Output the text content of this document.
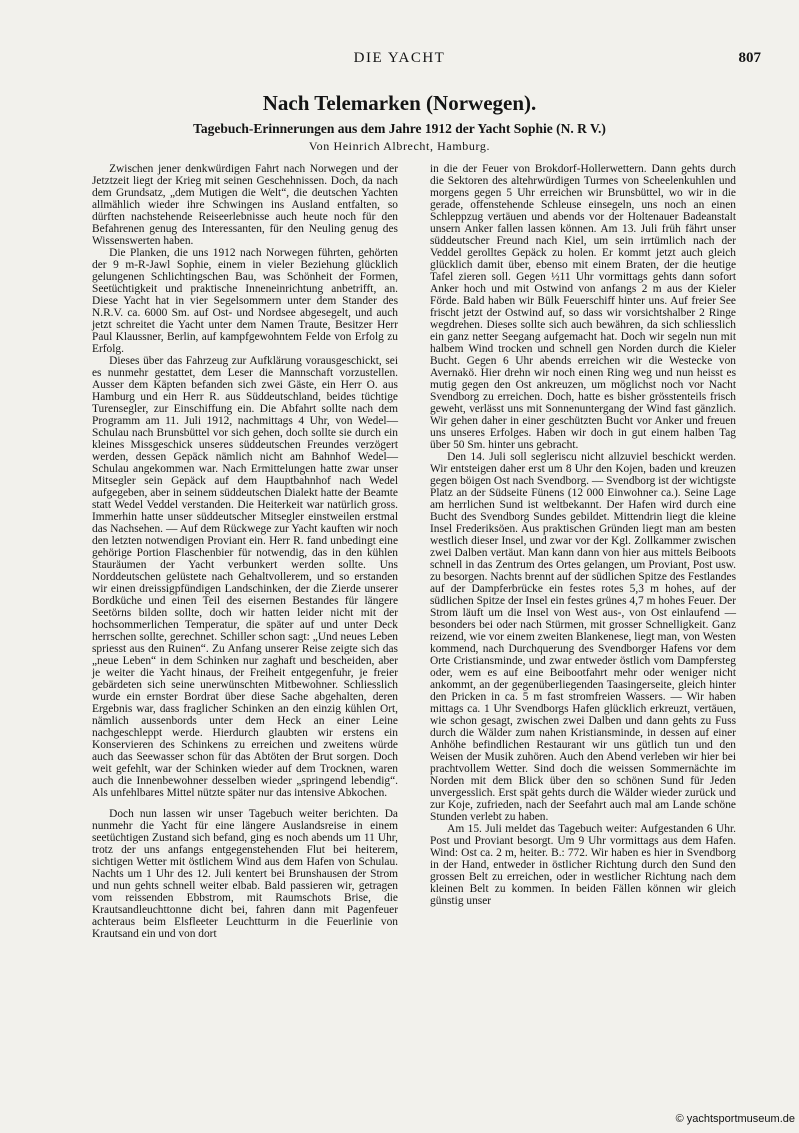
DIE YACHT	807
Nach Telemarken (Norwegen).
Tagebuch-Erinnerungen aus dem Jahre 1912 der Yacht Sophie (N. R V.)
Von Heinrich Albrecht, Hamburg.

Zwischen jener denkwürdigen Fahrt nach Norwegen und der Jetztzeit liegt der Krieg mit seinen Geschehnissen. Doch, da nach dem Grundsatz, „dem Mutigen die Welt“, die deutschen Yachten allmählich wieder ihre Schwingen ins Ausland entfalten, so dürften nachstehende Reiseerlebnisse auch heute noch für den Befahrenen genug des Interessanten, für den Neuling genug des Wissenswerten haben.

Die Planken, die uns 1912 nach Norwegen führten, gehörten der 9 m-R-Jawl Sophie, einem in vieler Beziehung glücklich gelungenen Schlichtingschen Bau, was Schönheit der Formen, Seetüchtigkeit und praktische Inneneinrichtung anbetrifft, an. Diese Yacht hat in vier Segelsommern unter dem Stander des N.R.V. ca. 6000 Sm. auf Ost- und Nordsee abgesegelt, und auch jetzt schreitet die Yacht unter dem Namen Traute, Besitzer Herr Paul Klaussner, Berlin, auf kampfgewohntem Felde von Erfolg zu Erfolg.

Dieses über das Fahrzeug zur Aufklärung vorausgeschickt, sei es nunmehr gestattet, dem Leser die Mannschaft vorzustellen. Ausser dem Käpten befanden sich zwei Gäste, ein Herr O. aus Hamburg und ein Herr R. aus Süddeutschland, beides tüchtige Turensegler, zur Einschiffung ein. Die Abfahrt sollte nach dem Programm am 11. Juli 1912, nachmittags 4 Uhr, von Wedel—Schulau nach Brunsbüttel vor sich gehen, doch sollte sie durch ein kleines Missgeschick unseres süddeutschen Freundes verzögert werden, dessen Gepäck nämlich nicht am Bahnhof Wedel—Schulau angekommen war. Nach Ermittelungen hatte zwar unser Mitsegler sein Gepäck auf dem Hauptbahnhof nach Wedel aufgegeben, aber in seinem süddeutschen Dialekt hatte der Beamte statt Wedel Veddel verstanden. Die Heiterkeit war natürlich gross. Immerhin hatte unser süddeutscher Mitsegler einstweilen erstmal das Nachsehen. — Auf dem Rückwege zur Yacht kauften wir noch den letzten notwendigen Proviant ein. Herr R. fand unbedingt eine gehörige Portion Flaschenbier für notwendig, das in den kühlen Stauräumen der Yacht verbunkert werden sollte. Uns Norddeutschen gelüstete nach Gehaltvollerem, und so erstanden wir einen dreissigpfündigen Landschinken, der die Zierde unserer Bordküche und einen Teil des eisernen Bestandes für längere Seetörns bilden sollte, doch wir hatten leider nicht mit der hochsommerlichen Temperatur, die später auf und unter Deck herrschen sollte, gerechnet. Schiller schon sagt: „Und neues Leben spriesst aus den Ruinen“. Zu Anfang unserer Reise zeigte sich das „neue Leben“ in dem Schinken nur zaghaft und bescheiden, aber je weiter die Yacht hinaus, der Freiheit entgegenfuhr, je freier gebärdeten sich seine unerwünschten Mitbewohner. Schliesslich wurde ein ernster Bordrat über diese Sache abgehalten, deren Ergebnis war, dass fraglicher Schinken an den einzig kühlen Ort, nämlich aussenbords unter dem Heck an einer Leine nachgeschleppt werde. Hierdurch glaubten wir erstens ein Konservieren des Schinkens zu erreichen und zweitens würde auch das Seewasser schon für das Abtöten der Brut sorgen. Doch weit gefehlt, war der Schinken wieder auf dem Trocknen, waren auch die Innenbewohner desselben wieder „springend lebendig“. Als unfehlbares Mittel nützte später nur das intensive Abkochen.

Doch nun lassen wir unser Tagebuch weiter berichten. Da nunmehr die Yacht für eine längere Auslandsreise in einem seetüchtigen Zustand sich befand, ging es noch abends um 11 Uhr, trotz der uns anfangs entgegenstehenden Flut bei heiterem, sichtigen Wetter mit östlichem Wind aus dem Hafen von Schulau. Nachts um 1 Uhr des 12. Juli kentert bei Brunshausen der Strom und nun gehts schnell weiter elbab. Bald passieren wir, getragen vom reissenden Ebbstrom, mit Raumschots Brise, die Krautsandleuchttonne dicht bei, fahren dann mit Pagenfeuer achteraus beim Elsfleeter Leuchtturm in die Feuerlinie von Krautsand ein und von dort

in die der Feuer von Brokdorf-Hollerwettern. Dann gehts durch die Sektoren des altehrwürdigen Turmes von Scheelenkuhlen und morgens gegen 5 Uhr erreichen wir Brunsbüttel, wo wir in die gerade, offenstehende Schleuse einsegeln, uns noch an einen Schleppzug vertäuen und abends vor der Holtenauer Badeanstalt unsern Anker fallen lassen können. Am 13. Juli früh fährt unser süddeutscher Freund nach Kiel, um sein irrtümlich nach der Veddel gerolltes Gepäck zu holen. Er kommt jetzt auch gleich glücklich damit über, ebenso mit einem Braten, der die heutige Tafel zieren soll. Gegen ½11 Uhr vormittags gehts dann sofort Anker hoch und mit Ostwind von anfangs 2 m aus der Kieler Förde. Bald haben wir Bülk Feuerschiff hinter uns. Auf freier See frischt jetzt der Ostwind auf, so dass wir vorsichtshalber 2 Ringe wegdrehen. Dieses sollte sich auch bewähren, da sich schliesslich ein ganz netter Seegang aufgemacht hat. Doch wir segeln nun mit halbem Wind trocken und schnell gen Norden durch die Kieler Bucht. Gegen 6 Uhr abends erreichen wir die Westecke von Avernakö. Hier drehn wir noch einen Ring weg und nun heisst es mutig gegen den Ost ankreuzen, um möglichst noch vor Nacht Svendborg zu erreichen. Doch, hatte es bisher grösstenteils frisch geweht, verlässt uns mit Sonnenuntergang der Wind fast gänzlich. Wir gehen daher in einer geschützten Bucht vor Anker und freuen uns unseres Erfolges. Haben wir doch in gut einem halben Tag über 50 Sm. hinter uns gebracht.

Den 14. Juli soll segleriscu nicht allzuviel beschickt werden. Wir entsteigen daher erst um 8 Uhr den Kojen, baden und kreuzen gegen böigen Ost nach Svendborg. — Svendborg ist der wichtigste Platz an der Südseite Fünens (12 000 Einwohner ca.). Seine Lage am herrlichen Sund ist weltbekannt. Der Hafen wird durch eine Bucht des Svendborg Sundes gebildet. Mittendrin liegt die kleine Insel Frederiksöen. Aus praktischen Gründen liegt man am besten westlich dieser Insel, und zwar vor der Kgl. Zollkammer zwischen zwei Dalben vertäut. Man kann dann von hier aus mittels Beiboots schnell in das Zentrum des Ortes gelangen, um Proviant, Post usw. zu besorgen. Nachts brennt auf der südlichen Spitze des Festlandes auf der Dampferbrücke ein festes rotes 5,3 m hohes, auf der südlichen Spitze der Insel ein festes grünes 4,7 m hohes Feuer. Der Strom läuft um die Insel von West aus-, von Ost einlaufend — besonders bei oder nach Stürmen, mit grosser Schnelligkeit. Ganz reizend, wie vor einem zweiten Blankenese, liegt man, von Westen kommend, nach Durchquerung des Svendborger Hafens vor dem Orte Cristiansminde, und zwar entweder östlich vom Dampfersteg oder, wem es auf eine Beibootfahrt mehr oder weniger nicht ankommt, an der gegenüberliegenden Taasingerseite, gleich hinter den Pricken in ca. 5 m fast stromfreien Wassers. — Wir haben mittags ca. 1 Uhr Svendborgs Hafen glücklich erkreuzt, vertäuen, wie schon gesagt, zwischen zwei Dalben und dann gehts zu Fuss durch die Wälder zum nahen Kristiansminde, in dessen auf einer Anhöhe befindlichen Restaurant wir uns gütlich tun und den Weisen der Musik zuhören. Auch den Abend verleben wir hier bei prachtvollem Wetter. Sind doch die weissen Sommernächte im Norden mit dem Blick über den so schönen Sund für Jeden unvergesslich. Erst spät gehts durch die Wälder wieder zurück und zur Koje, zufrieden, nach der Seefahrt auch mal am Lande schöne Stunden verlebt zu haben.

Am 15. Juli meldet das Tagebuch weiter: Aufgestanden 6 Uhr. Post und Proviant besorgt. Um 9 Uhr vormittags aus dem Hafen. Wind: Ost ca. 2 m, heiter. B.: 772. Wir haben es hier in Svendborg in der Hand, entweder in östlicher Richtung durch den Sund den grossen Belt zu erreichen, oder in westlicher Richtung nach dem kleinen Belt zu kommen. In beiden Fällen können wir gleich günstig unser

© yachtsportmuseum.de
